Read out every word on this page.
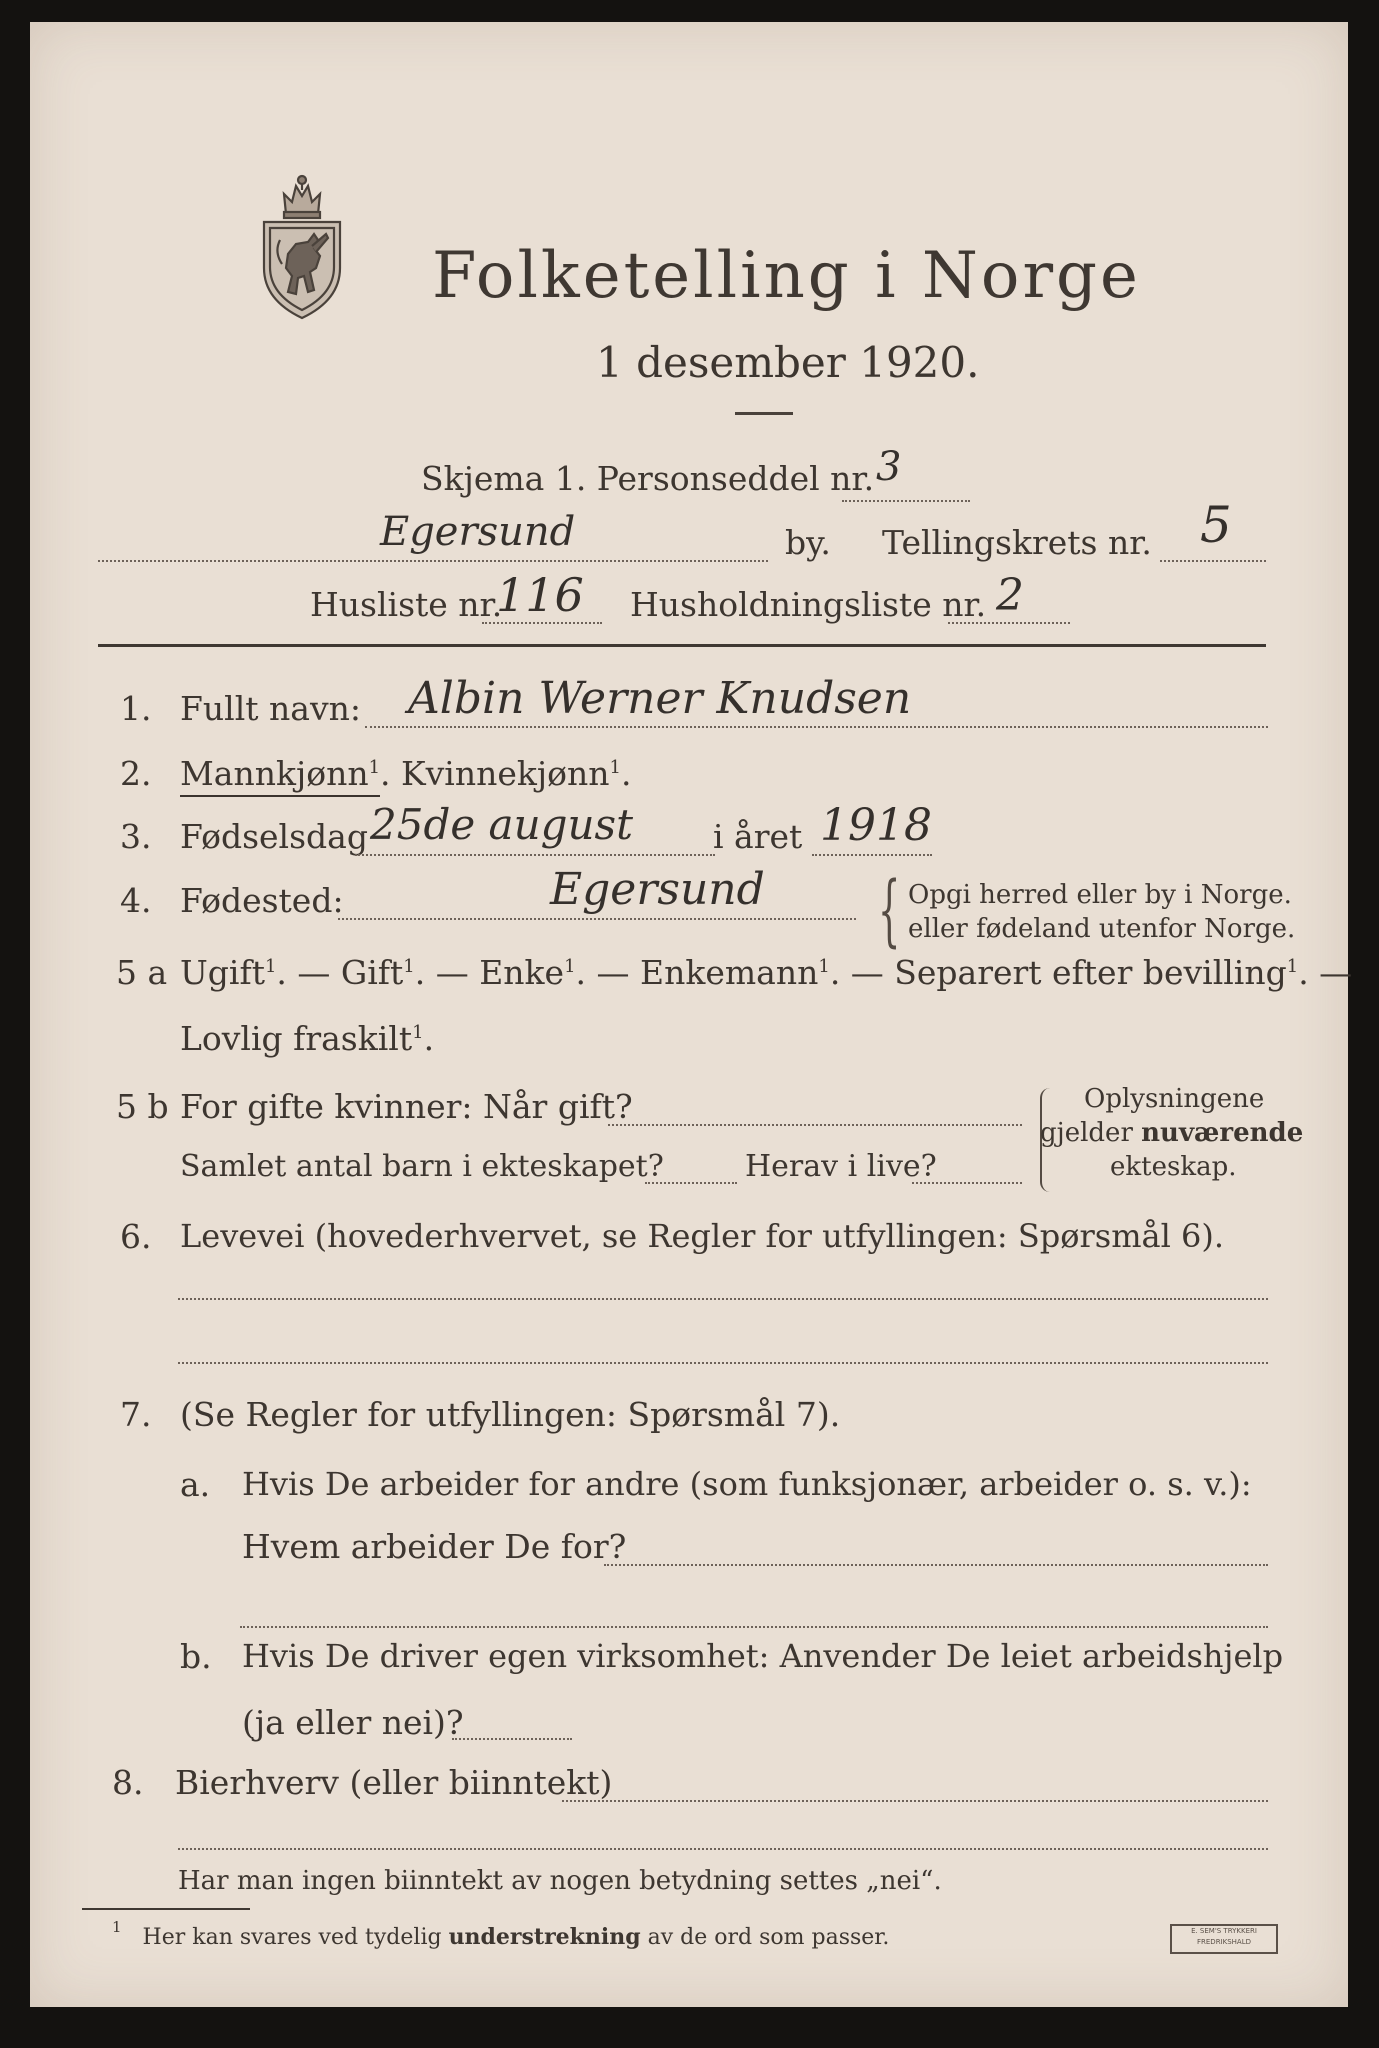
Folketelling i Norge
1 desember 1920.
Skjema 1. Personseddel nr. 3
Egersund	by. Tellingskrets nr. 5
Husliste nr.
116 Husholdningsliste nr. 2
1. Fullt navn: Albin Werner Knudsen
2. Mannkjønn$^1$. Kvinnekjønn$^1$.
3. Fødselsdag 25de august i året 1918
4. Fødested:	Egersund { Opgi herred eller by i Norge.
eller fødeland utenfor Norge.
5 a Ugift$^1$. — Gift$^1$. — Enke$^1$. — Enkemann$^1$. — Separert efter bevilling$^1$. —
Lovlig fraskilt$^1$.
5 b For gifte kvinner: Når gift?
Samlet antal barn i ekteskapet?	Herav i live?
Oplysningene
gjelder nuværende
ekteskap.
6. Levevei (hovederhvervet, se Regler for utfyllingen: Spørsmål 6).
7. (Se Regler for utfyllingen: Spørsmål 7).
a. Hvis De arbeider for andre (som funksjonær, arbeider o. s. v.):
Hvem arbeider De for?
b. Hvis De driver egen virksomhet: Anvender De leiet arbeidshjelp
(ja eller nei)?
8. Bierhverv (eller biinntekt)
Har man ingen biinntekt av nogen betydning settes „nei“.
$^1$ Her kan svares ved tydelig understrekning av de ord som passer.	E. SEM'S TRYKKERI
FREDRIKSHALD
